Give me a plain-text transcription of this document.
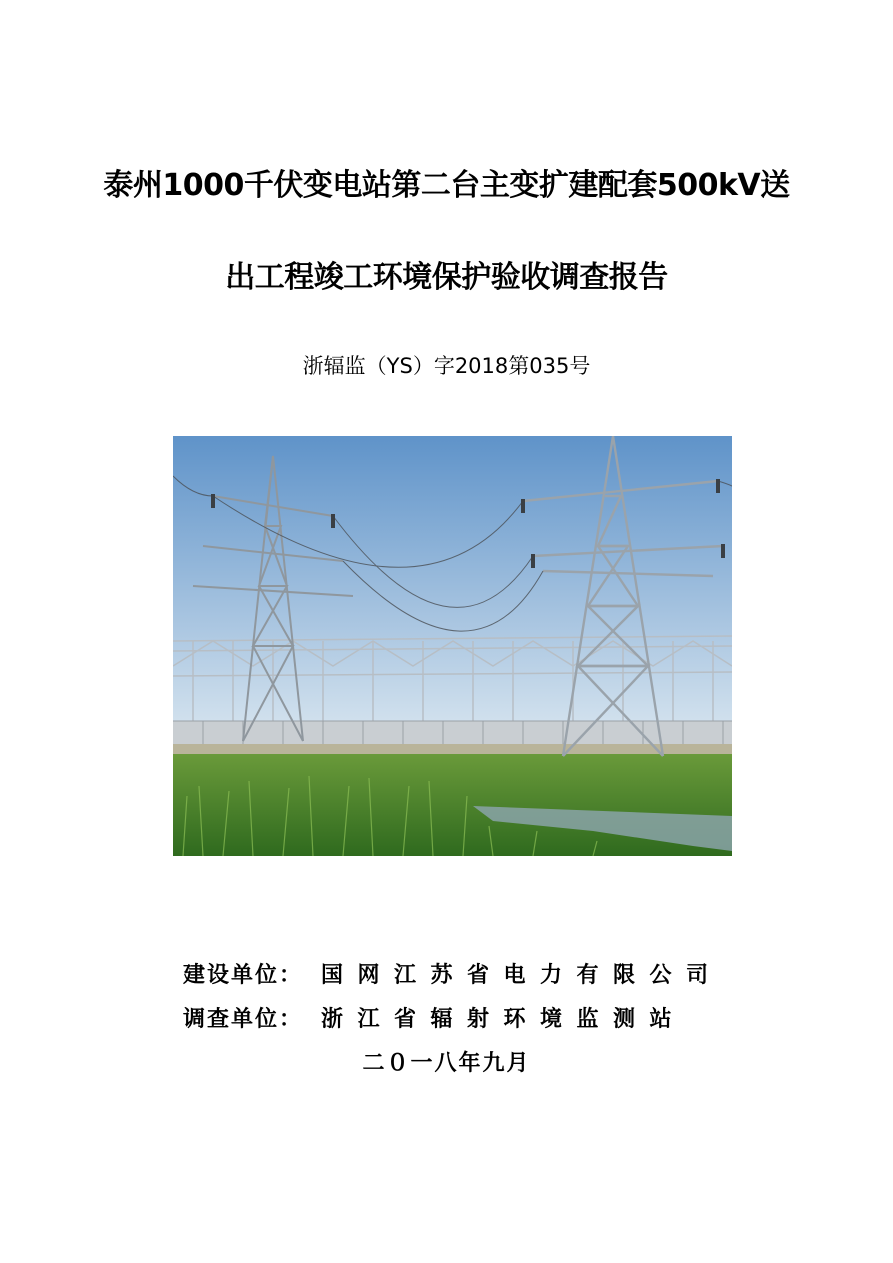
泰州1000千伏变电站第二台主变扩建配套500kV送
出工程竣工环境保护验收调查报告
浙辐监（YS）字2018第035号
建设单位： 国网江苏省电力有限公司
调查单位： 浙江省辐射环境监测站
二０一八年九月
